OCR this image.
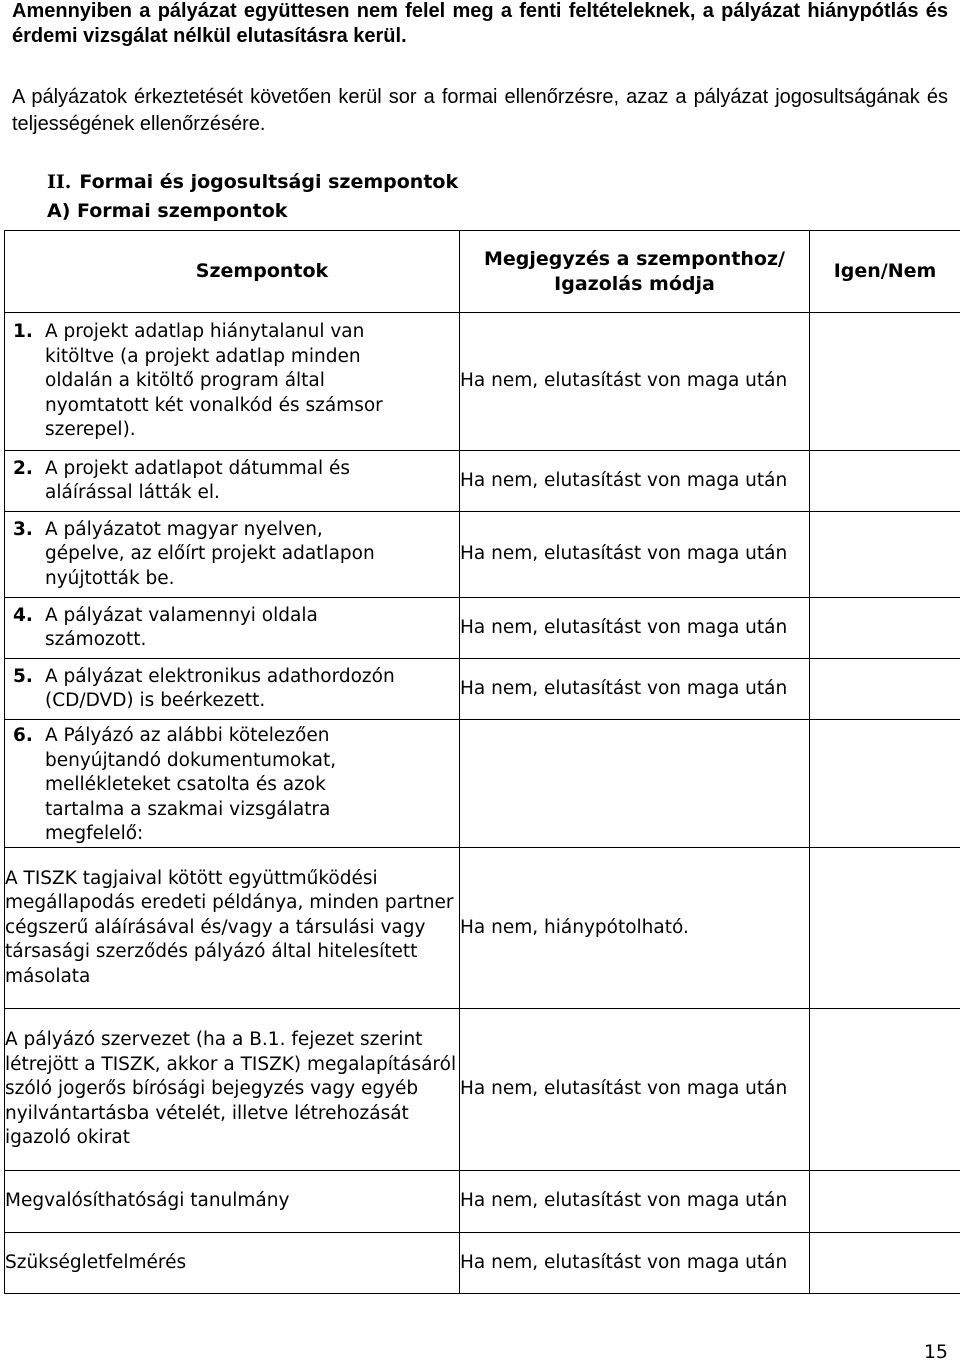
Amennyiben a pályázat együttesen nem felel meg a fenti feltételeknek, a pályázat hiánypótlás és érdemi vizsgálat nélkül elutasításra kerül.

A pályázatok érkeztetését követően kerül sor a formai ellenőrzésre, azaz a pályázat jogosultságának és teljességének ellenőrzésére.

II. Formai és jogosultsági szempontok

A) Formai szempontok

Szempontok	Megjegyzés a szemponthoz/ Igazolás módja	Igen/Nem

1. A projekt adatlap hiánytalanul van kitöltve (a projekt adatlap minden oldalán a kitöltő program által nyomtatott két vonalkód és számsor szerepel).	Ha nem, elutasítást von maga után	

2. A projekt adatlapot dátummal és aláírással látták el.	Ha nem, elutasítást von maga után	

3. A pályázatot magyar nyelven, gépelve, az előírt projekt adatlapon nyújtották be.	Ha nem, elutasítást von maga után	

4. A pályázat valamennyi oldala számozott.	Ha nem, elutasítást von maga után	

5. A pályázat elektronikus adathordozón (CD/DVD) is beérkezett.	Ha nem, elutasítást von maga után	

6. A Pályázó az alábbi kötelezően benyújtandó dokumentumokat, mellékleteket csatolta és azok tartalma a szakmai vizsgálatra megfelelő:		

A TISZK tagjaival kötött együttműködési megállapodás eredeti példánya, minden partner cégszerű aláírásával és/vagy a társulási vagy társasági szerződés pályázó által hitelesített másolata	Ha nem, hiánypótolható.	
A pályázó szervezet (ha a B.1. fejezet szerint létrejött a TISZK, akkor a TISZK) megalapításáról szóló jogerős bírósági bejegyzés vagy egyéb nyilvántartásba vételét, illetve létrehozását igazoló okirat	Ha nem, elutasítást von maga után	
Megvalósíthatósági tanulmány	Ha nem, elutasítást von maga után	
Szükségletfelmérés	Ha nem, elutasítást von maga után	

15
